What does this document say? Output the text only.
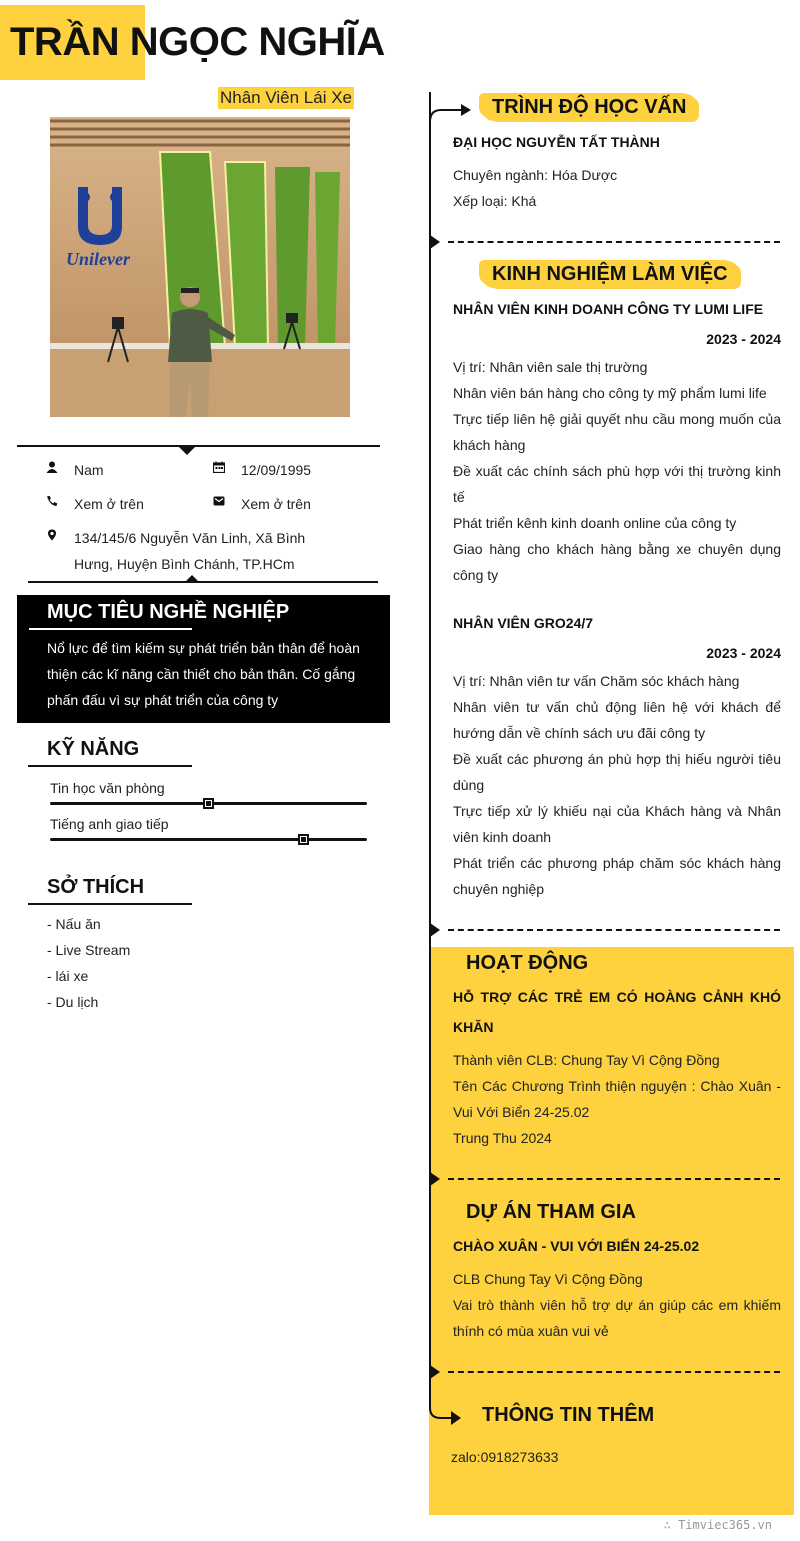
TRẦN NGỌC NGHĨA
Nhân Viên Lái Xe
Unilever
Nam	12/09/1995
Xem ở trên	Xem ở trên
134/145/6 Nguyễn Văn Linh, Xã Bình
Hưng, Huyện Bình Chánh, TP.HCm
MỤC TIÊU NGHỀ NGHIỆP
Nổ lực để tìm kiếm sự phát triển bản thân để hoàn
thiện các kĩ năng cần thiết cho bản thân. Cố gắng
phấn đấu vì sự phát triển của công ty
KỸ NĂNG
Tin học văn phòng
Tiếng anh giao tiếp
SỞ THÍCH
- Nấu ăn
- Live Stream
- lái xe
- Du lịch
TRÌNH ĐỘ HỌC VẤN
ĐẠI HỌC NGUYỄN TẤT THÀNH
Chuyên ngành: Hóa Dược
Xếp loại: Khá
KINH NGHIỆM LÀM VIỆC
NHÂN VIÊN KINH DOANH CÔNG TY LUMI LIFE
2023 - 2024
Vị trí: Nhân viên sale thị trường
Nhân viên bán hàng cho công ty mỹ phẩm lumi life
Trực tiếp liên hệ giải quyết nhu cầu mong muốn của khách hàng
Đề xuất các chính sách phù hợp với thị trường kinh tế
Phát triển kênh kinh doanh online của công ty
Giao hàng cho khách hàng bằng xe chuyên dụng công ty
NHÂN VIÊN GRO24/7
2023 - 2024
Vị trí: Nhân viên tư vấn Chăm sóc khách hàng
Nhân viên tư vấn chủ động liên hệ với khách để hướng dẫn về chính sách ưu đãi công ty
Đề xuất các phương án phù hợp thị hiếu người tiêu dùng
Trực tiếp xử lý khiếu nại của Khách hàng và Nhân viên kinh doanh
Phát triển các phương pháp chăm sóc khách hàng chuyên nghiệp
HOẠT ĐỘNG
HỖ TRỢ CÁC TRẺ EM CÓ HOÀNG CẢNH KHÓ KHĂN
Thành viên CLB: Chung Tay Vì Cộng Đồng
Tên Các Chương Trình thiện nguyện : Chào Xuân - Vui Với Biển 24-25.02
Trung Thu 2024
DỰ ÁN THAM GIA
CHÀO XUÂN - VUI VỚI BIỂN 24-25.02
CLB Chung Tay Vì Cộng Đồng
Vai trò thành viên hỗ trợ dự án giúp các em khiếm thính có mùa xuân vui vẻ
THÔNG TIN THÊM
zalo:0918273633
∴ Timviec365.vn
